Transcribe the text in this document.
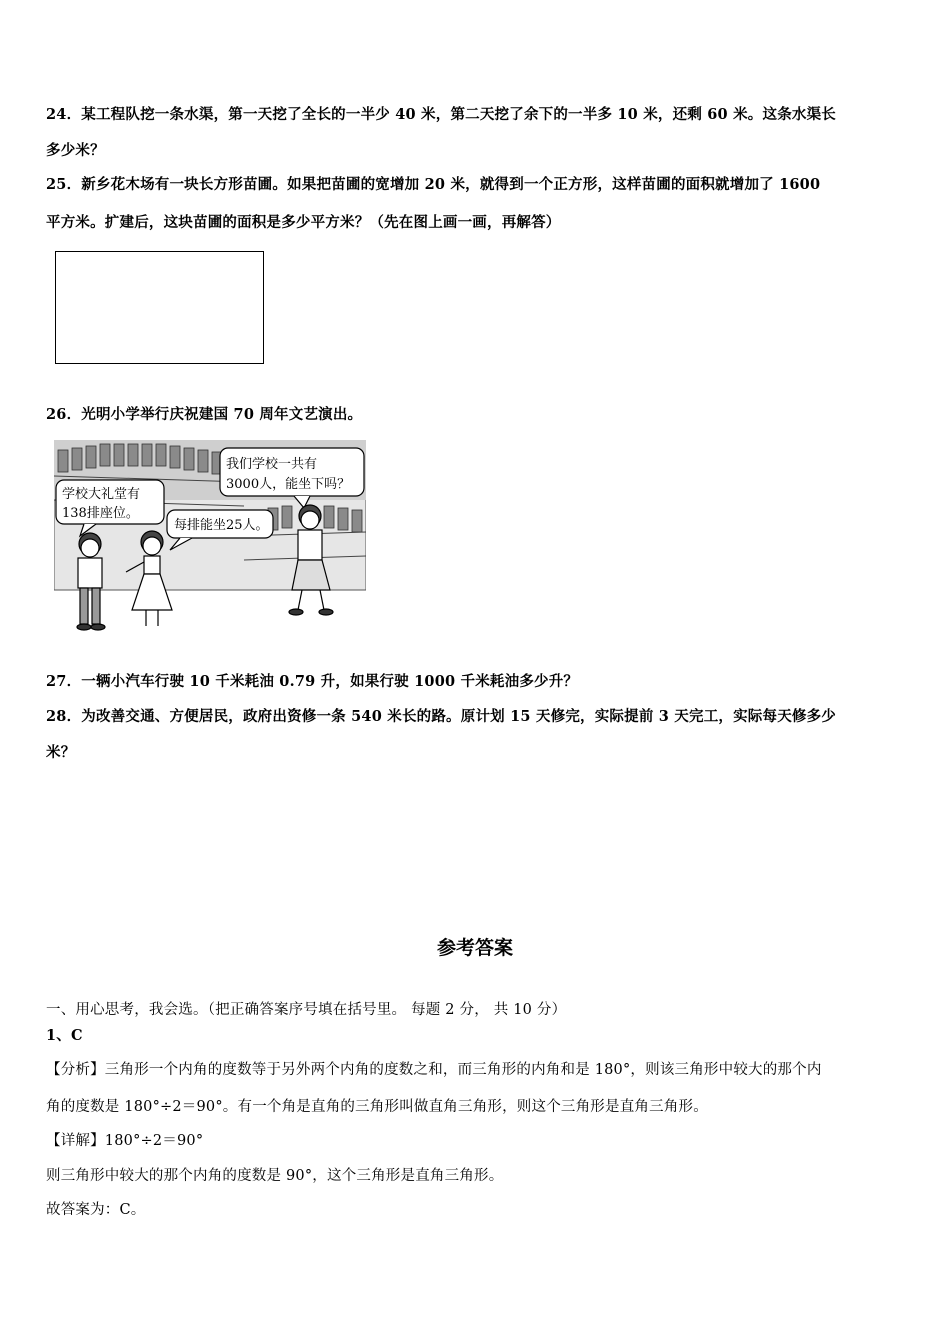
24．某工程队挖一条水渠，第一天挖了全长的一半少 40 米，第二天挖了余下的一半多 10 米，还剩 60 米。这条水渠长
多少米？
25．新乡花木场有一块长方形苗圃。如果把苗圃的宽增加 20 米，就得到一个正方形，这样苗圃的面积就增加了 1600
平方米。扩建后，这块苗圃的面积是多少平方米？（先在图上画一画，再解答）
26．光明小学举行庆祝建国 70 周年文艺演出。
学校大礼堂有
138排座位。
每排能坐25人。
我们学校一共有
3000人，能坐下吗？
27．一辆小汽车行驶 10 千米耗油 0.79 升，如果行驶 1000 千米耗油多少升？
28．为改善交通、方便居民，政府出资修一条 540 米长的路。原计划 15 天修完，实际提前 3 天完工，实际每天修多少
米？
参考答案
一、用心思考，我会选。（把正确答案序号填在括号里。 每题 2 分， 共 10 分）
1、C
【分析】三角形一个内角的度数等于另外两个内角的度数之和，而三角形的内角和是 180°，则该三角形中较大的那个内
角的度数是 180°÷2＝90°。有一个角是直角的三角形叫做直角三角形，则这个三角形是直角三角形。
【详解】180°÷2＝90°
则三角形中较大的那个内角的度数是 90°，这个三角形是直角三角形。
故答案为：C。
